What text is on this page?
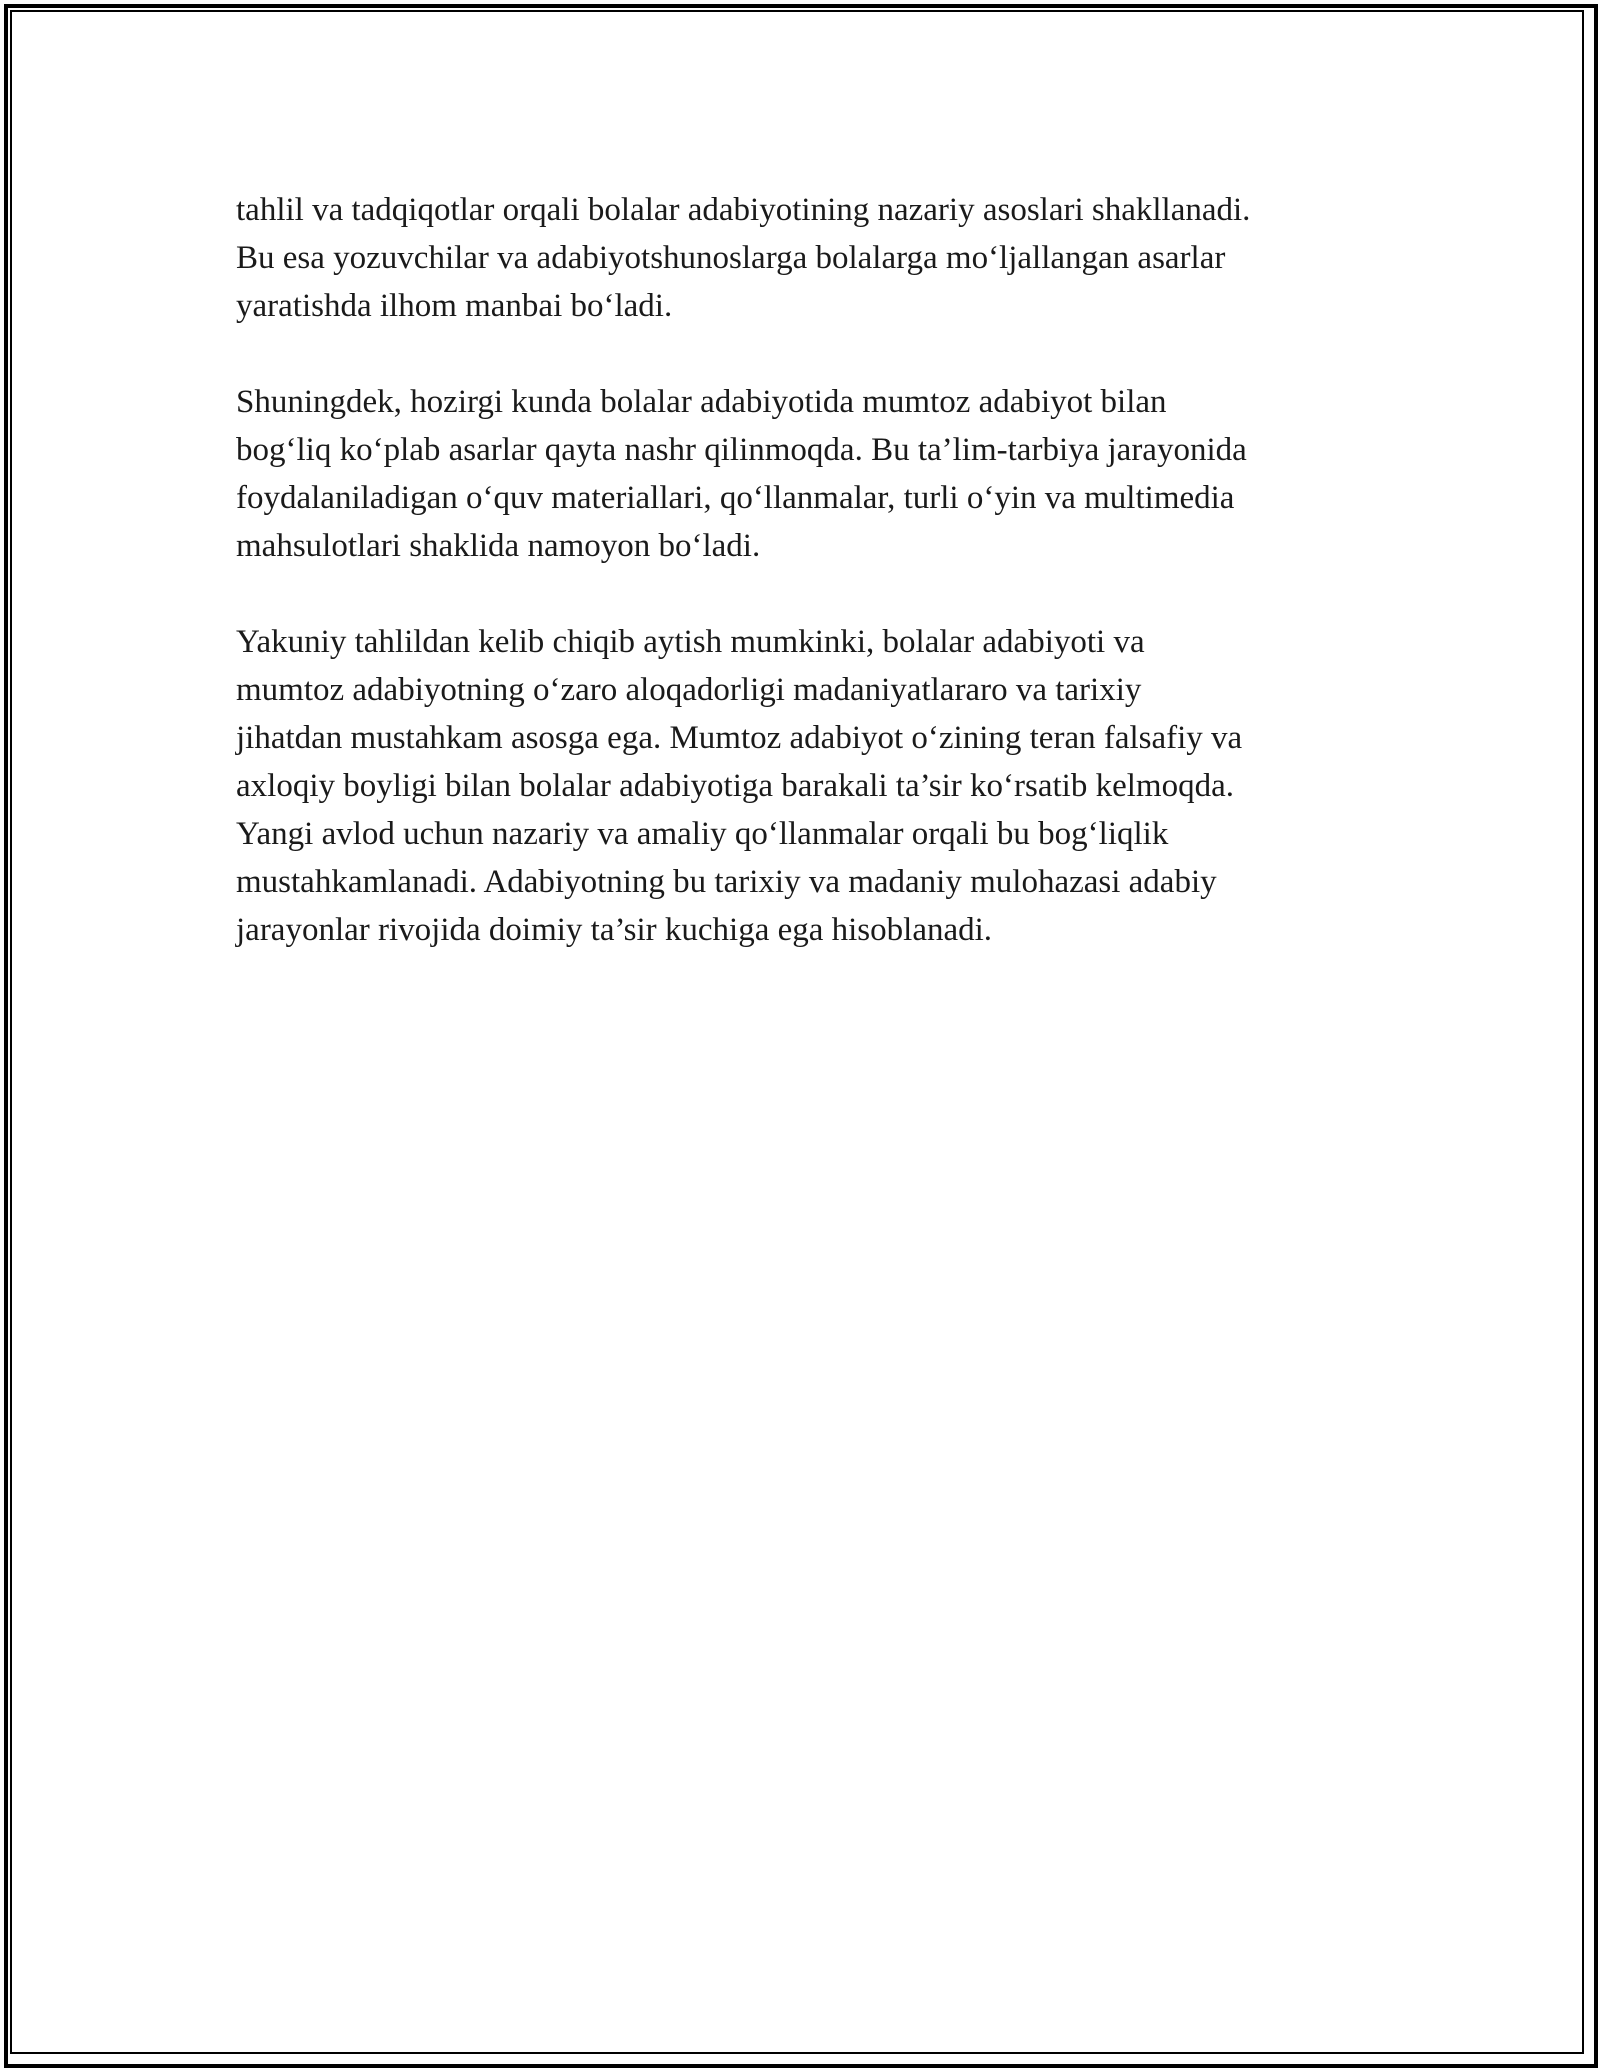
tahlil va tadqiqotlar orqali bolalar adabiyotining nazariy asoslari shakllanadi.
Bu esa yozuvchilar va adabiyotshunoslarga bolalarga mo‘ljallangan asarlar
yaratishda ilhom manbai bo‘ladi.

Shuningdek, hozirgi kunda bolalar adabiyotida mumtoz adabiyot bilan
bog‘liq ko‘plab asarlar qayta nashr qilinmoqda. Bu ta’lim-tarbiya jarayonida
foydalaniladigan o‘quv materiallari, qo‘llanmalar, turli o‘yin va multimedia
mahsulotlari shaklida namoyon bo‘ladi.

Yakuniy tahlildan kelib chiqib aytish mumkinki, bolalar adabiyoti va
mumtoz adabiyotning o‘zaro aloqadorligi madaniyatlararo va tarixiy
jihatdan mustahkam asosga ega. Mumtoz adabiyot o‘zining teran falsafiy va
axloqiy boyligi bilan bolalar adabiyotiga barakali ta’sir ko‘rsatib kelmoqda.
Yangi avlod uchun nazariy va amaliy qo‘llanmalar orqali bu bog‘liqlik
mustahkamlanadi. Adabiyotning bu tarixiy va madaniy mulohazasi adabiy
jarayonlar rivojida doimiy ta’sir kuchiga ega hisoblanadi.
